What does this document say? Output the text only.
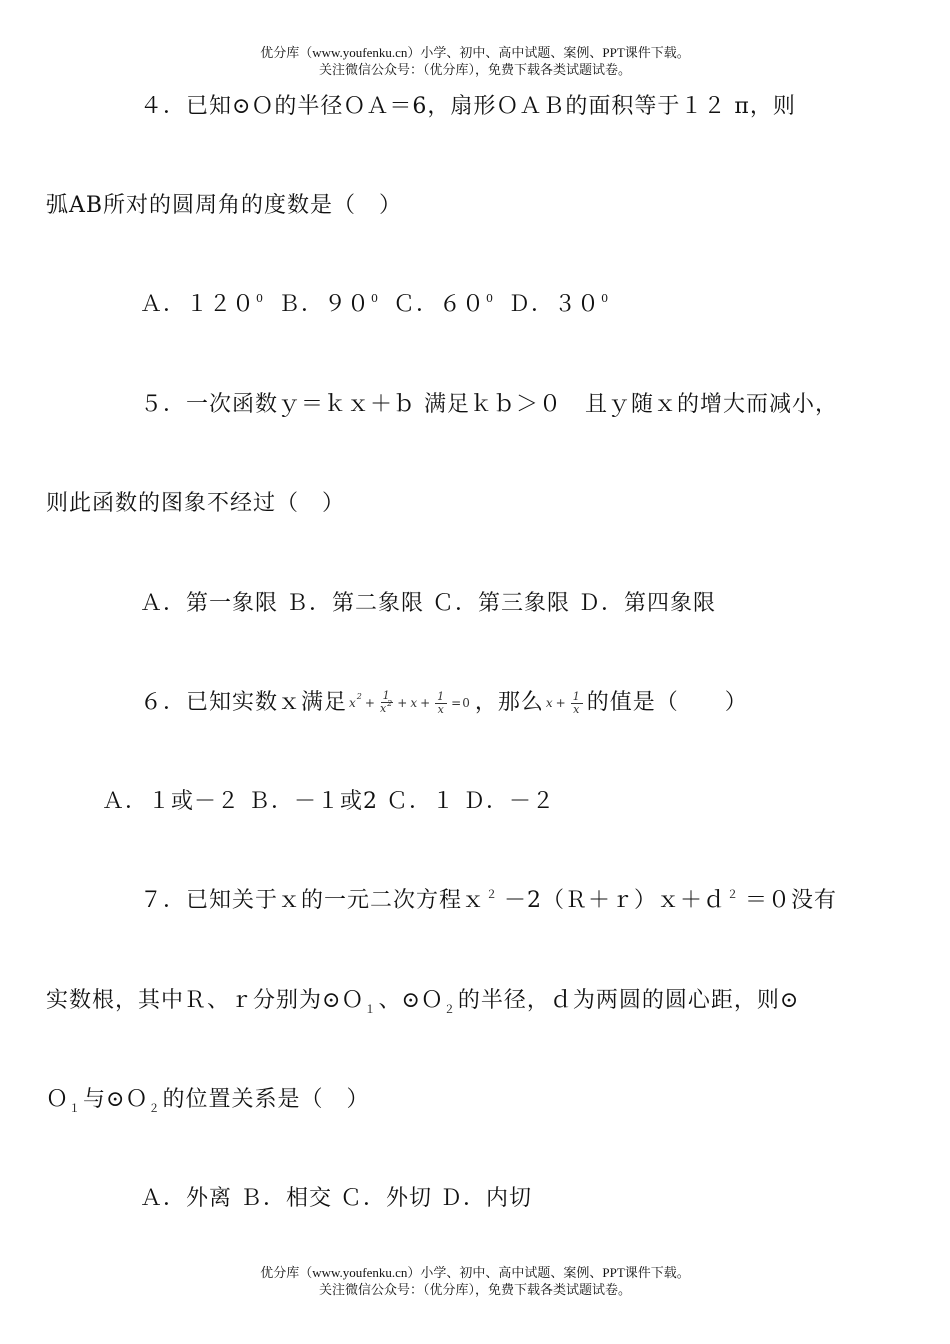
优分库（www.youfenku.cn）小学、初中、高中试题、案例、PPT课件下载。
关注微信公众号：（优分库），免费下载各类试题试卷。
４．已知⊙Ｏ的半径ＯＡ＝6，扇形ＯＡＢ的面积等于１２ π，则
弧AB所对的圆周角的度数是（　）
Ａ．$120^0$ Ｂ．$90^0$ Ｃ．$60^0$ Ｄ．$30^0$
５．一次函数ｙ＝ｋｘ＋ｂ 满足ｋｂ＞０　且ｙ随ｘ的增大而减小，
则此函数的图象不经过（　）
Ａ．第一象限 Ｂ．第二象限 Ｃ．第三象限 Ｄ．第四象限
６．已知实数ｘ满足 x $2 + \frac{1}{x^2} + x + \frac{1}{x} =0$ ，那么 $x + \frac{1}{x}$ 的值是（　　）
Ａ．１或－２ Ｂ．－１或2 Ｃ．１ Ｄ．－２
７．已知关于ｘ的一元二次方程ｘ$^2$ －2（Ｒ＋ｒ）ｘ＋ｄ$^2$ ＝０没有
实数根，其中Ｒ、ｒ分别为⊙Ｏ$_1$、⊙Ｏ$_2$的半径，ｄ为两圆的圆心距，则⊙
Ｏ$_1$与⊙Ｏ$_2$的位置关系是（　）
Ａ．外离 Ｂ．相交 Ｃ．外切 Ｄ．内切
优分库（www.youfenku.cn）小学、初中、高中试题、案例、PPT课件下载。
关注微信公众号：（优分库），免费下载各类试题试卷。
